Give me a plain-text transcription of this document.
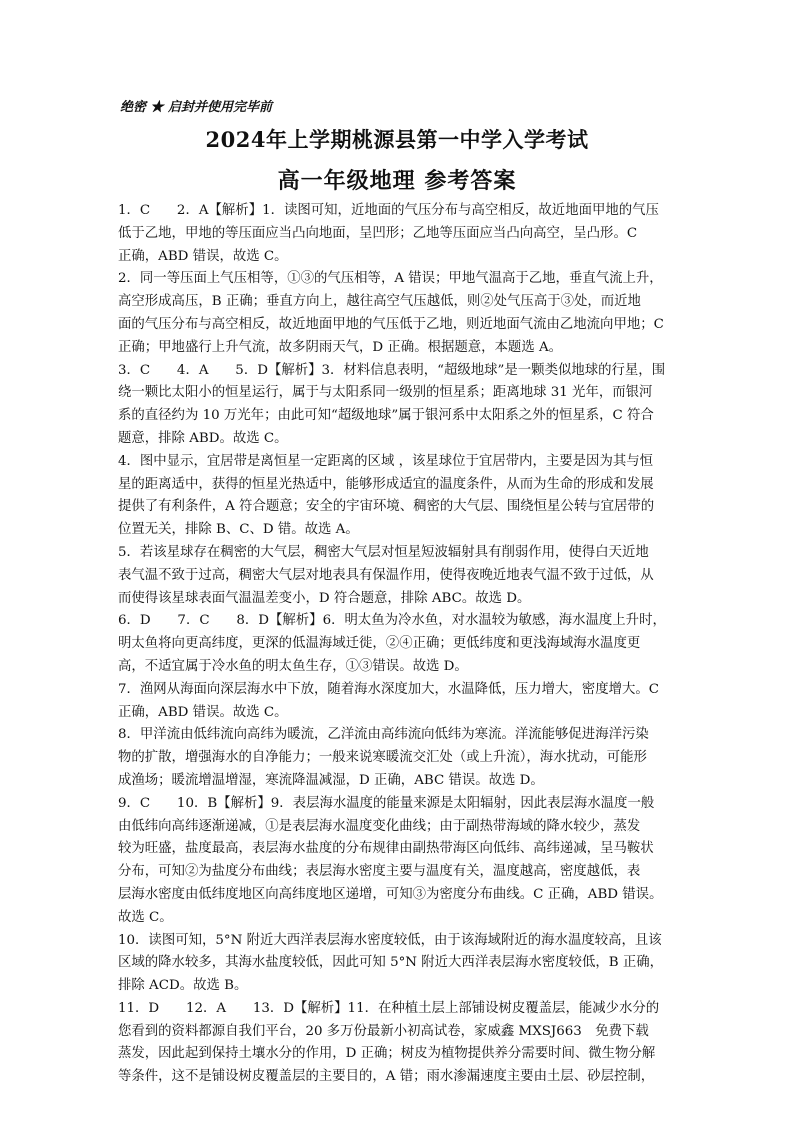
绝密 ★ 启封并使用完毕前
2024年上学期桃源县第一中学入学考试
高一年级地理 参考答案
1．C　　2．A【解析】1．读图可知，近地面的气压分布与高空相反，故近地面甲地的气压
低于乙地，甲地的等压面应当凸向地面，呈凹形；乙地等压面应当凸向高空，呈凸形。C
正确，ABD 错误，故选 C。
2．同一等压面上气压相等，①③的气压相等，A 错误；甲地气温高于乙地，垂直气流上升，
高空形成高压，B 正确；垂直方向上，越往高空气压越低，则②处气压高于③处，而近地
面的气压分布与高空相反，故近地面甲地的气压低于乙地，则近地面气流由乙地流向甲地；C
正确；甲地盛行上升气流，故多阴雨天气，D 正确。根据题意，本题选 A。
3．C　　4．A　　5．D【解析】3．材料信息表明，“超级地球”是一颗类似地球的行星，围
绕一颗比太阳小的恒星运行，属于与太阳系同一级别的恒星系；距离地球 31 光年，而银河
系的直径约为 10 万光年；由此可知“超级地球”属于银河系中太阳系之外的恒星系，C 符合
题意，排除 ABD。故选 C。
4．图中显示，宜居带是离恒星一定距离的区域 ，该星球位于宜居带内，主要是因为其与恒
星的距离适中，获得的恒星光热适中，能够形成适宜的温度条件，从而为生命的形成和发展
提供了有利条件，A 符合题意；安全的宇宙环境、稠密的大气层、围绕恒星公转与宜居带的
位置无关，排除 B、C、D 错。故选 A。
5．若该星球存在稠密的大气层，稠密大气层对恒星短波辐射具有削弱作用，使得白天近地
表气温不致于过高，稠密大气层对地表具有保温作用，使得夜晚近地表气温不致于过低，从
而使得该星球表面气温温差变小，D 符合题意，排除 ABC。故选 D。
6．D　　7．C　　8．D【解析】6．明太鱼为冷水鱼，对水温较为敏感，海水温度上升时，
明太鱼将向更高纬度，更深的低温海域迁徙，②④正确；更低纬度和更浅海域海水温度更
高，不适宜属于冷水鱼的明太鱼生存，①③错误。故选 D。
7．渔网从海面向深层海水中下放，随着海水深度加大，水温降低，压力增大，密度增大。C
正确，ABD 错误。故选 C。
8．甲洋流由低纬流向高纬为暖流，乙洋流由高纬流向低纬为寒流。洋流能够促进海洋污染
物的扩散，增强海水的自净能力；一般来说寒暖流交汇处（或上升流），海水扰动，可能形
成渔场；暖流增温增湿，寒流降温减湿，D 正确，ABC 错误。故选 D。
9．C　　10．B【解析】9．表层海水温度的能量来源是太阳辐射，因此表层海水温度一般
由低纬向高纬逐渐递减，①是表层海水温度变化曲线；由于副热带海域的降水较少，蒸发
较为旺盛，盐度最高，表层海水盐度的分布规律由副热带海区向低纬、高纬递减，呈马鞍状
分布，可知②为盐度分布曲线；表层海水密度主要与温度有关，温度越高，密度越低，表
层海水密度由低纬度地区向高纬度地区递增，可知③为密度分布曲线。C 正确，ABD 错误。
故选 C。
10．读图可知，5°N 附近大西洋表层海水密度较低，由于该海域附近的海水温度较高，且该
区域的降水较多，其海水盐度较低，因此可知 5°N 附近大西洋表层海水密度较低，B 正确，
排除 ACD。故选 B。
11．D　　12．A　　13．D【解析】11．在种植土层上部铺设树皮覆盖层，能减少水分的
您看到的资料都源自我们平台，20 多万份最新小初高试卷，家威鑫 MXSJ663　免费下载
蒸发，因此起到保持土壤水分的作用，D 正确；树皮为植物提供养分需要时间、微生物分解
等条件，这不是铺设树皮覆盖层的主要目的，A 错；雨水渗漏速度主要由土层、砂层控制，
